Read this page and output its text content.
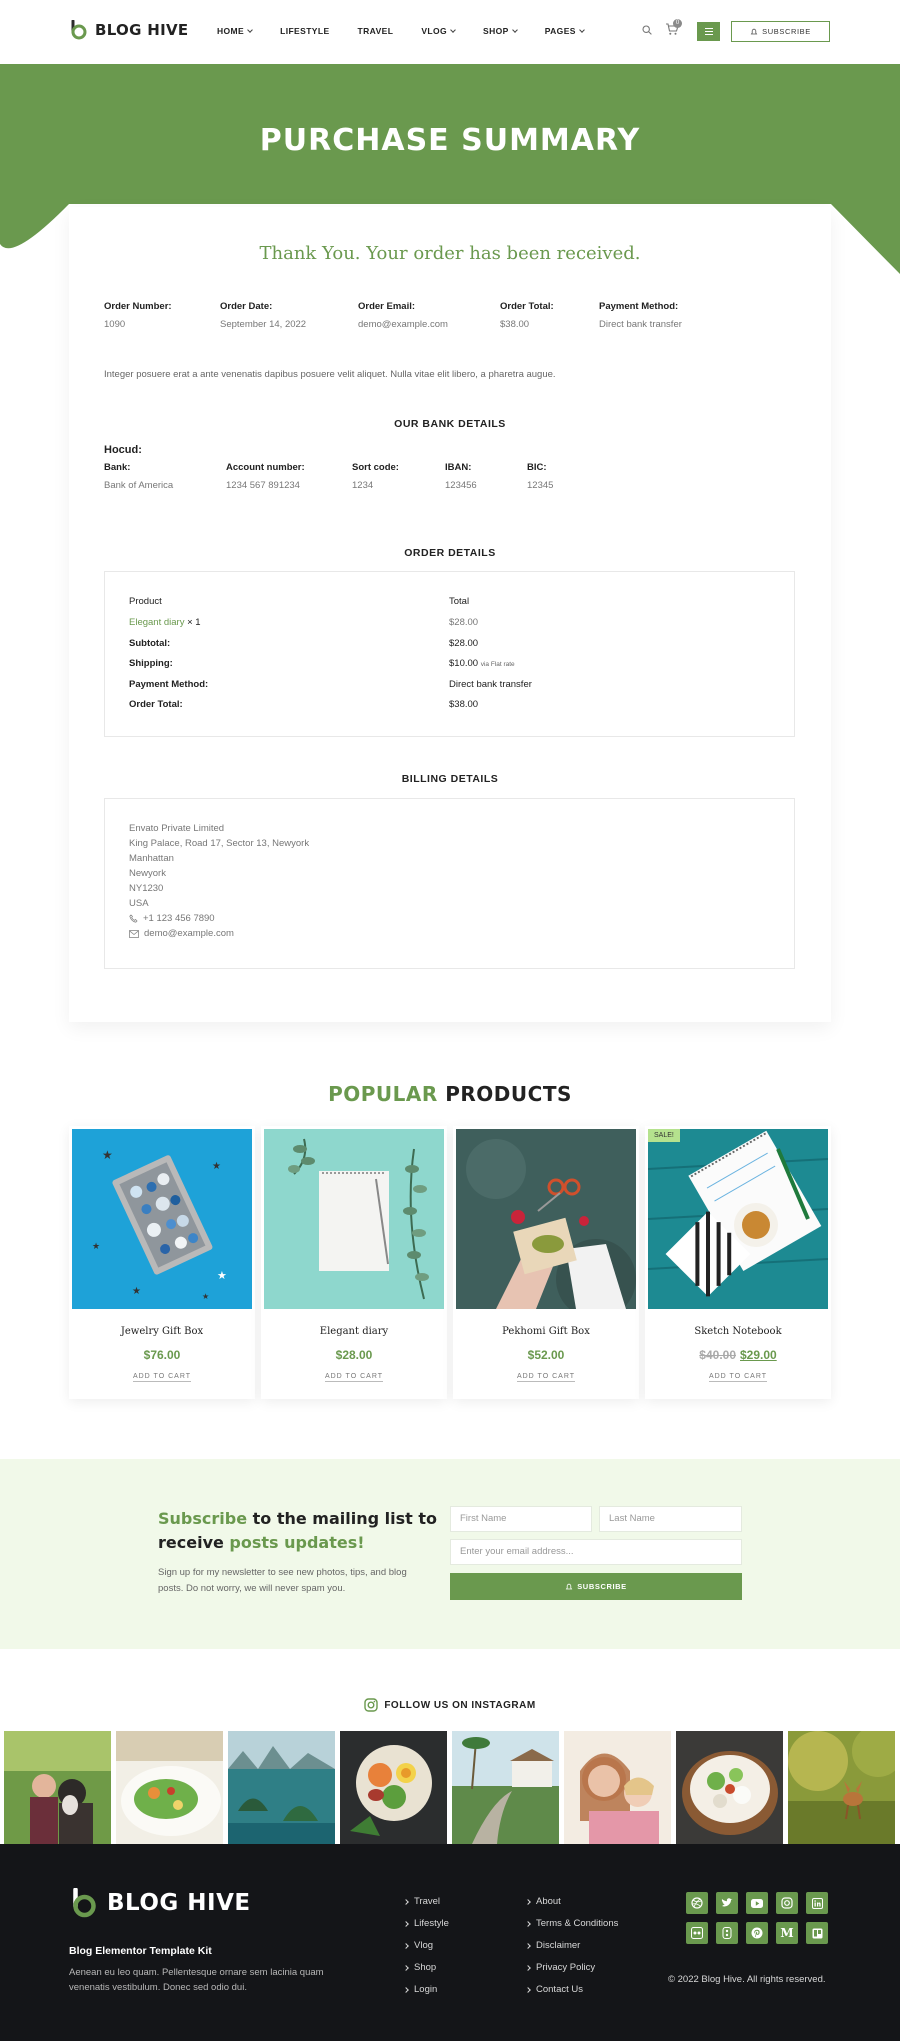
BLOG HIVE	HOME	LIFESTYLE	TRAVEL	VLOG	SHOP	PAGES
0
SUBSCRIBE
PURCHASE SUMMARY
Thank You. Your order has been received.
Order Number:
1090
Order Date:
September 14, 2022
Order Email:
demo@example.com
Order Total:
$38.00
Payment Method:
Direct bank transfer
Integer posuere erat a ante venenatis dapibus posuere velit aliquet. Nulla vitae elit libero, a pharetra augue.
OUR BANK DETAILS
Hocud:
Bank:
Bank of America
Account number:
1234 567 891234
Sort code:
1234
IBAN:
123456
BIC:
12345
ORDER DETAILS
Product	Total
Elegant diary × 1	$28.00
Subtotal:	$28.00
Shipping:	$10.00 via Flat rate
Payment Method:	Direct bank transfer
Order Total:	$38.00
BILLING DETAILS
Envato Private Limited
King Palace, Road 17, Sector 13, Newyork
Manhattan
Newyork
NY1230
USA
+1 123 456 7890
demo@example.com
POPULAR PRODUCTS
★
★
★
★
★	★
Jewelry Gift Box
$76.00
ADD TO CART
Elegant diary
$28.00
ADD TO CART
Pekhomi Gift Box
$52.00
ADD TO CART
SALE!
Sketch Notebook
$40.00 $29.00
ADD TO CART
Subscribe to the mailing list to
receive posts updates!
Sign up for my newsletter to see new photos, tips, and blog posts. Do not worry, we will never spam you.
First Name	Last Name
Enter your email address...
SUBSCRIBE
FOLLOW US ON INSTAGRAM
BLOG HIVE
Blog Elementor Template Kit
Aenean eu leo quam. Pellentesque ornare sem lacinia quam venenatis vestibulum. Donec sed odio dui.
Travel
Lifestyle
Vlog
Shop
Login
About
Terms & Conditions
Disclaimer
Privacy Policy
Contact Us
M
© 2022 Blog Hive. All rights reserved.
